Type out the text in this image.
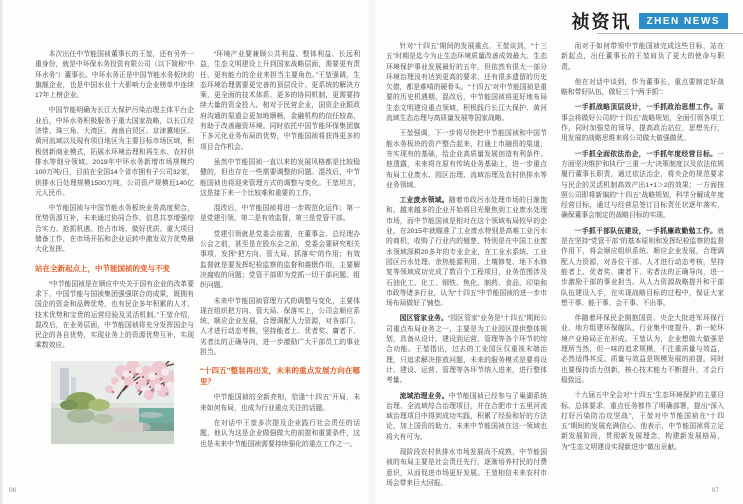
祯资讯	ZHEN NEWS

本次出任中节能国祯董事长的王堃，还有另外一重身份，就是中环保水务投资有限公司（以下简称“中环水务”）董事长。中环水务正是中国节能水务板块的旗舰企业，也是中国水业十大影响力企业榜单中连续17年上榜企业。

中国节能明确为长江大保护污染治理主体平台企业后，中环水务积极服务于重大国家战略，以长江经济带、珠三角、大湾区、海南自贸区、京津冀地区、黄河流域以及现有项目地区为主要目标市场区域，积极创新商业模式，拓展水环境治理和再生水、农村供排水等细分领域。2019年中环水务新增市场规模约100万吨/日，目前在全国14个省市拥有子公司32家，供排水日处理规模1500万吨，公司资产规模近140亿元人民币。

中节能国祯与中国节能水务板块业务高度契合，优势资源互补，未来通过协同合作、信息共享增强综合实力、抢抓机遇、抢占市场、做好优质、重大项目储备工作，在市场开拓和企业运转中激发双方优势最大化发挥。

站在全新起点上，中节能国祯的变与不变

“中节能国祯是在顺应中央关于国有企业的改革要求下，中国节能与国祯集团强强联合的成果，既拥有国企的资金和品牌优势，也有民企多年积累的人才、技术优势和宝贵的运营经验及灵活机制。”王堃介绍，混改后，在业务层面，中节能国祯将充分发挥国企与民企的各自优势，实现业务上的资源优势互补，实现乘数效应。

“环境产业要兼顾公共利益、整体利益、长远利益，生态文明建设上升到国家战略层面，需要更有责任、更有能力的企业来担当主要角色。”王堃强调，生态环境治理需要更完善的顶层设计、更系统的解决方案、更全面的技术体系、更多的协同机制，更需要持续大量的资金投入。相对于民营企业，国资企业跟政府沟通的渠道会更加地顺畅，金融机构的信任较高，有助于改善融资环境。同时依托中国节能环保集团旗下多元化业务布局的优势，中节能国祯将获得更多的项目合作机会。

虽然中节能国祯一直以来的发展风格都是比较稳健的，但也存在一些需要调整的问题。混改后，中节能国祯也将迎来管理方式的调整与变化。王堃坦言，这是接下来一个比较难和重要的工作。

混改后，中节能国祯将进一步规范化运作；第一是党建引领，第二是有效监督，第三是党管干部。

党建引领就是党委会前置，在董事会、总经理办公会之前，甚至是在股东会之前，党委会要研究相关事项，发挥“把方向、管大局、抓落实”的作用；有效监督就是要发挥纪检监察的监督和震慑作用，主要解决腐败的问题；党管干部即为党抓一切干部问题、组织问题。

未来中节能国祯管理方式的调整与变化，主要体现在组织把方向、管大局、保落实上，公司会顺应系统、顺应企业发展，合理调配人力资源，对各部门、人才进行动态考核，坚持能者上、优者奖、庸者下、劣者汰的正确导向，进一步激励广大干部员工的事业担当。

“十四五”整装再出发，未来的重点发展方向在哪里？

中节能国祯的全新亮相，恰逢“十四五”开局，未来如何布局，也成为行业重点关注的话题。

在对话中王堃多次提及企业践行社会责任的话题，他认为这是企业做强做大的前提和重要条件，这也是未来中节能国祯需要持续强化的重点工作之一。

针对“十四五”期间的发展重点，王堃谈到，“十三五”时期是迄今为止生态环境质量改善成效最大、生态环境保护事业发展最好的五年，但依然有很大一部分环境治理没有达到更高的要求，还有很多遗留的历史欠债，都是难啃的硬骨头。“十四五”对中节能国祯是重要的历史机遇期，混改后，中节能国祯将更好地布局生态文明建设重点领域，积极践行长江大保护、黄河流域生态治理与高质量发展等国家战略。

王堃强调，下一步将尽快把中节能国祯和中国节能水务板块的资产整合起来，打通上市融资的渠道，夯实现有的基础，给企业高质量发展创造有利条件。他透露，未来将在原有传统业务基础上，进一步重点布局工业废水、园区治理、流域治理及农村供排水等业务领域。

工业废水领域。随着市政污水处理市场的日渐饱和，越来越多的企业开始将目光聚焦到工业废水处理市场，而中节能国祯是相对在这个领域布局较早的企业，在2015年就瞄准了工业废水特别是高难工业污水的商机，收购了行业内的翘楚，特别是在中国工业废水领域深耕20多年的专业企业，在工业水系统、工业园区污水处理、余热能源利用、土壤修复、地下水修复等领域成功完成了数百个工程项目，业务范围涉及石油化工、化工、钢铁、焦化、制药、食品、印染和市政等诸多行业，认为“十四五”中节能国祯的进一步市场布局做好了铺垫。

园区管家业务。“园区管家”业务是“十四五”期间公司重点布局业务之一，主要是为工业园区提供整体规划，具备从设计、建设到运营、管理等各个环节的综合功能。王堃指出，过去的工业园区仅重视末端治理，只追求解决排放问题，未来的服务模式是要将设计、建设、运营、管理等各环节纳入进来，进行整体考量。

流域治理业务。中节能国祯已经参与了巢湖系统治理、全流域综合治理项目，并在合肥市十五里河流域治理项目中得到成功实践，积累了经验和好的方法论，加上国资的助力，未来中节能国祯在这一领域也将大有可为。

现阶段农村供排水市场发展尚不成熟，中节能国祯的布局主要是社会责任先行，逐渐培养村民的付费意识，从而促进市场更好发展。王堃相信未来农村市场会带来巨大回报。

而对于如何带领中节能国祯完成这些目标，站在新起点，出任董事长的王堃肩负了更大的使命与职责。

他在对话中谈到，作为董事长，重点要制定好战略和带好队伍，做好三个“两手抓”：

一手抓战略顶层设计，一手抓政治思想工作。董事会将做好公司的“十四五”战略规划，全面引领各项工作，同时加强党的领导，提高政治站位，思想先行，用发展的战略思维来将公司做大做强做优。

一手抓全面依法治企，一手抓年度经营目标。一方面坚决维护和执行“三重一大”决策制度以及依法依规履行董事长职责，通过依法治企，将央企的规范要求与民企的灵活机制高效产出1+1＞2的效果；一方面按照公司即将新编的“十四五”战略规划，科学分解成年度经营目标，通过与经营层签订目标责任状逐年落实，确保董事会制定的战略目标的实现。

一手抓干部队伍建设，一手抓廉政勤勉工作。就是在坚持“党管干部”的基本原则和发挥纪检监察的监督作用下，将会顺应组织系统、顺应企业发展，合理调配人力资源，对各位干部、人才进行动态考核，坚持能者上、优者奖、庸者下、劣者汰的正确导向，进一步激励干部的事业担当。从人力资源战略提升和干部队伍建设入手，在实现战略目标的过程中，保证大家想干事、能干事、会干事、不出事。

伴随着环保民企拥抱国资、央企大批进军环保行业、地方组建环保舰队，行业集中度提升，新一轮环境产业格局正在形成。王堃认为，企业想做大做强是理所当然，但一味的追求规模，不注重质量与效益，必然适得其反。质量与效益是规模发展的前提，同时也要保持活力创新，核心技术能力不断提升，才会行稳致远。

十九届五中全会对“十四五”生态环境保护的主要目标、总体要求、重点任务都作了明确部署，提出“深入打好污染防治攻坚战”，王堃对中节能国祯在“十四五”期间的发展充满信心。他表示，中节能国祯将立足新发展阶段，贯彻新发展理念，构建新发展格局，为“生态文明建设实现新进步”做出贡献。

06	07
